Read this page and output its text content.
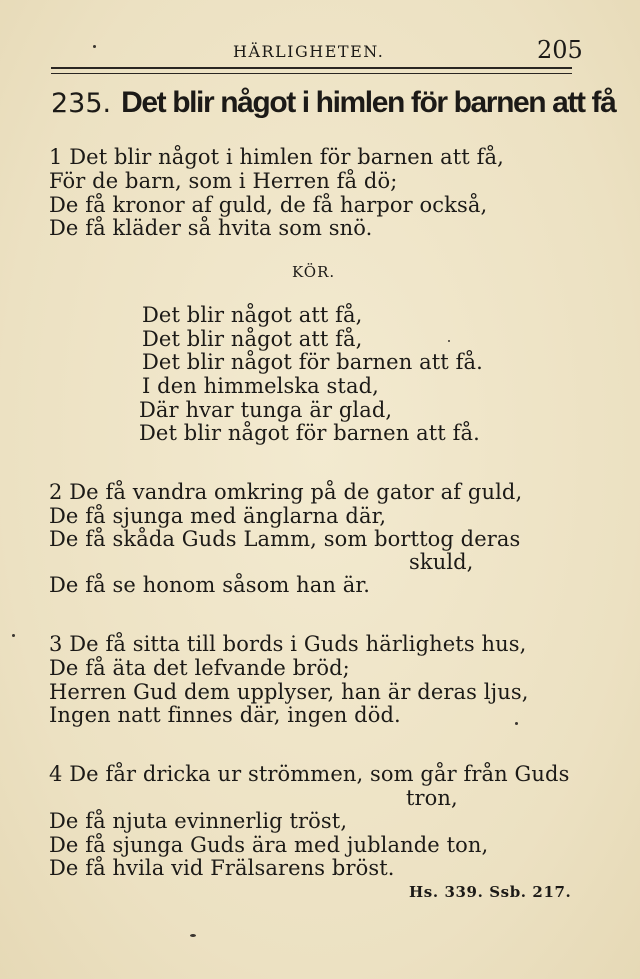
HÄRLIGHETEN.	205
235. Det blir något i himlen för barnen att få
1 Det blir något i himlen för barnen att få,
För de barn, som i Herren få dö;
De få kronor af guld, de få harpor också,
De få kläder så hvita som snö.
KÖR.
Det blir något att få,
Det blir något att få,
Det blir något för barnen att få.
I den himmelska stad,
Där hvar tunga är glad,
Det blir något för barnen att få.
2 De få vandra omkring på de gator af guld,
De få sjunga med änglarna där,
De få skåda Guds Lamm, som borttog deras
skuld,
De få se honom såsom han är.
3 De få sitta till bords i Guds härlighets hus,
De få äta det lefvande bröd;
Herren Gud dem upplyser, han är deras ljus,
Ingen natt finnes där, ingen död.
4 De får dricka ur strömmen, som går från Guds
tron,
De få njuta evinnerlig tröst,
De få sjunga Guds ära med jublande ton,
De få hvila vid Frälsarens bröst.
Hs. 339. Ssb. 217.
